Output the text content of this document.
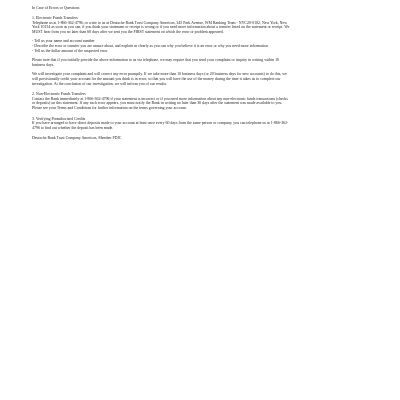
In Case of Errors or Questions
1. Electronic Funds Transfers

Telephone us at 1-866-362-4796; or write to us at Deutsche Bank Trust Company Americas, 345 Park Avenue, WM Banking Team - NYC20-0102, New York, New York 10154 as soon as you can, if you think your statement or receipt is wrong or if you need more information about a transfer listed on the statement or receipt. We MUST hear from you no later than 60 days after we sent you the FIRST statement on which the error or problem appeared.

- Tell us your name and account number
- Describe the error or transfer you are unsure about, and explain as clearly as you can why you believe it is an error or why you need more information
- Tell us the dollar amount of the suspected error

Please note that if you initially provide the above information to us via telephone, we may require that you send your complaint or inquiry in writing within 10 business days.

We will investigate your complaint and will correct any error promptly. If we take more than 10 business days (or 20 business days for new accounts) to do this, we will provisionally credit your account for the amount you think is in error, so that you will have the use of the money during the time it takes us to complete our investigation. At the conclusion of our investigation, we will inform you of our results.

2. Non-Electronic Funds Transfers

Contact the Bank immediately at 1-866-362-4796 if your statement is incorrect or if you need more information about any non-electronic funds transactions (checks or deposits) on this statement. If any such error appears, you must notify the Bank in writing no later than 30 days after the statement was made available to you. Please see your Terms and Conditions for further information on the terms governing your account.

3. Verifying Preauthorized Credits

If you have arranged to have direct deposits made to your account at least once every 60 days from the same person or company, you can telephone us at 1-866-362-4796 to find out whether the deposit has been made.

Deutsche Bank Trust Company Americas, Member FDIC
